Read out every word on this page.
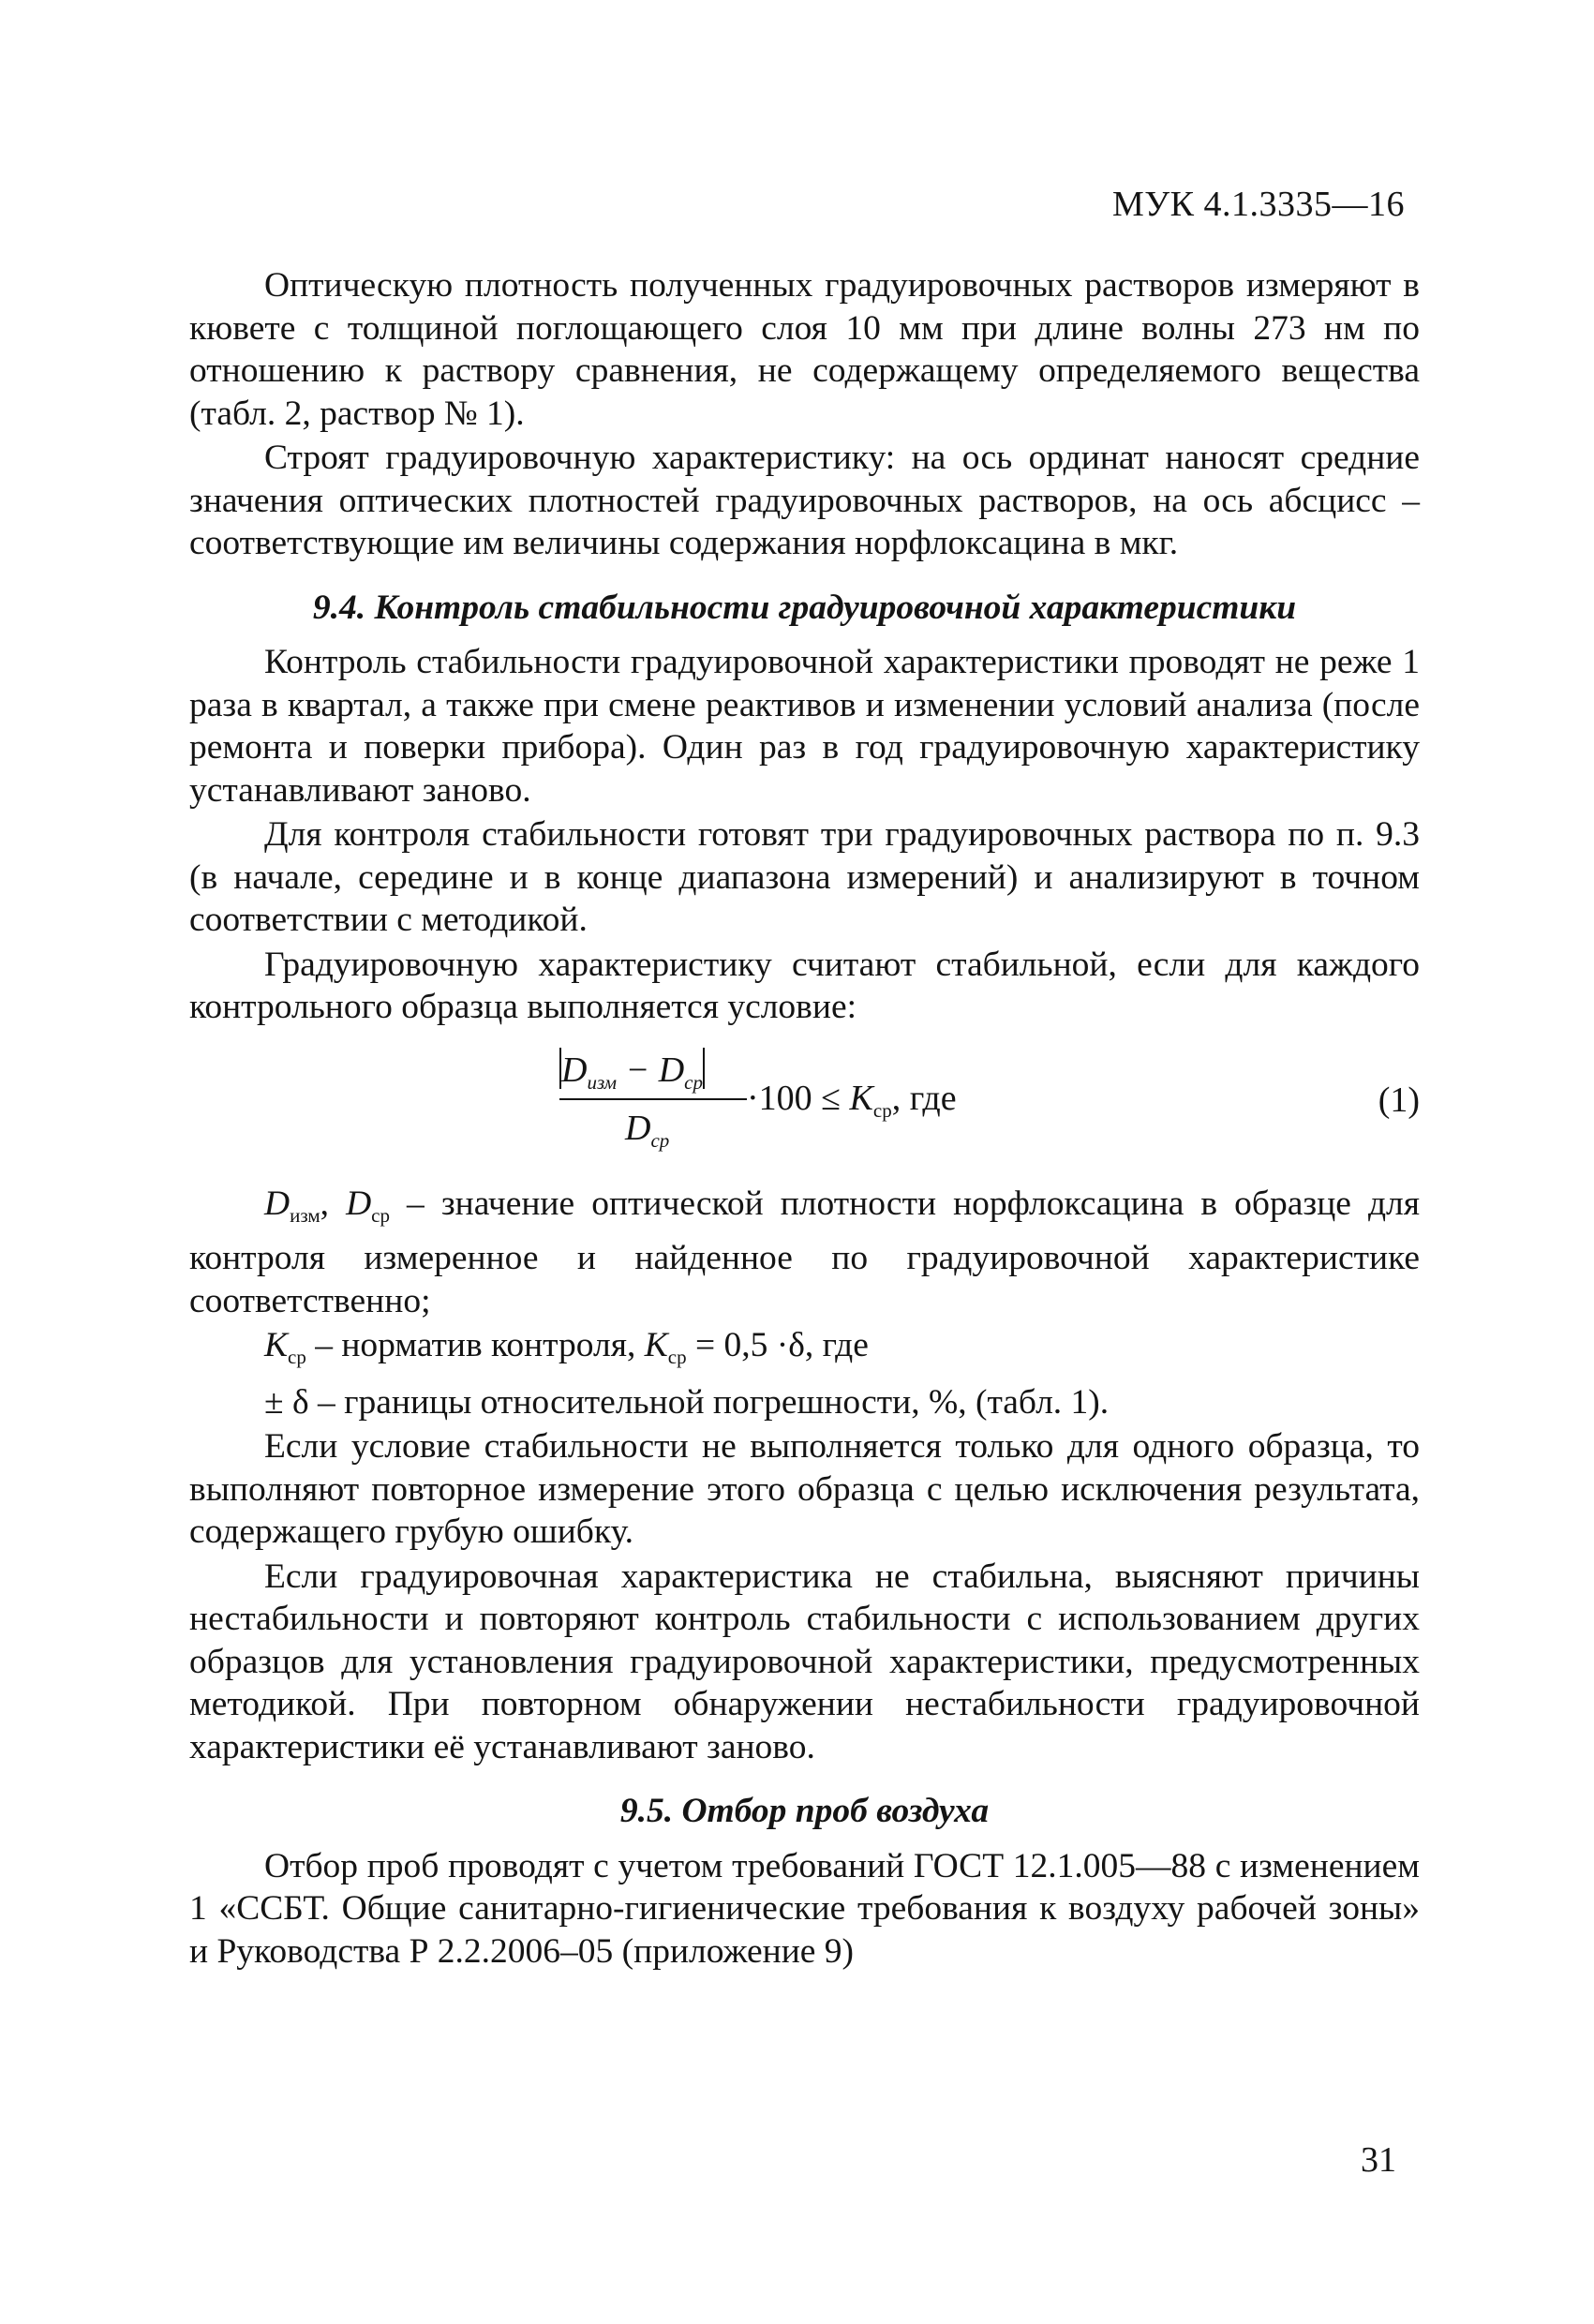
МУК 4.1.3335—16

Оптическую плотность полученных градуировочных растворов измеряют в кювете с толщиной поглощающего слоя 10 мм при длине волны 273 нм по отношению к раствору сравнения, не содержащему определяемого вещества (табл. 2, раствор № 1).

Строят градуировочную характеристику: на ось ординат наносят средние значения оптических плотностей градуировочных растворов, на ось абсцисс – соответствующие им величины содержания норфлоксацина в мкг.

9.4. Контроль стабильности градуировочной характеристики

Контроль стабильности градуировочной характеристики проводят не реже 1 раза в квартал, а также при смене реактивов и изменении условий анализа (после ремонта и поверки прибора). Один раз в год градуировочную характеристику устанавливают заново.

Для контроля стабильности готовят три градуировочных раствора по п. 9.3 (в начале, середине и в конце диапазона измерений) и анализируют в точном соответствии с методикой.

Градуировочную характеристику считают стабильной, если для каждого контрольного образца выполняется условие:

$D_{изм} - D_{ср}$
$D_{ср}$
$\cdot 100 \le K_{ср}$, где	(1)

$D_{изм}$, $D_{ср}$ – значение оптической плотности норфлоксацина в образце для контроля измеренное и найденное по градуировочной характеристике соответственно;

$K_{ср}$ – норматив контроля, $K_{ср} = 0,5 \cdot\delta$, где

± δ – границы относительной погрешности, %, (табл. 1).

Если условие стабильности не выполняется только для одного образца, то выполняют повторное измерение этого образца с целью исключения результата, содержащего грубую ошибку.

Если градуировочная характеристика не стабильна, выясняют причины нестабильности и повторяют контроль стабильности с использованием других образцов для установления градуировочной характеристики, предусмотренных методикой. При повторном обнаружении нестабильности градуировочной характеристики её устанавливают заново.

9.5. Отбор проб воздуха

Отбор проб проводят с учетом требований ГОСТ 12.1.005—88 с изменением 1 «ССБТ. Общие санитарно-гигиенические требования к воздуху рабочей зоны» и Руководства Р 2.2.2006–05 (приложение 9)

31
